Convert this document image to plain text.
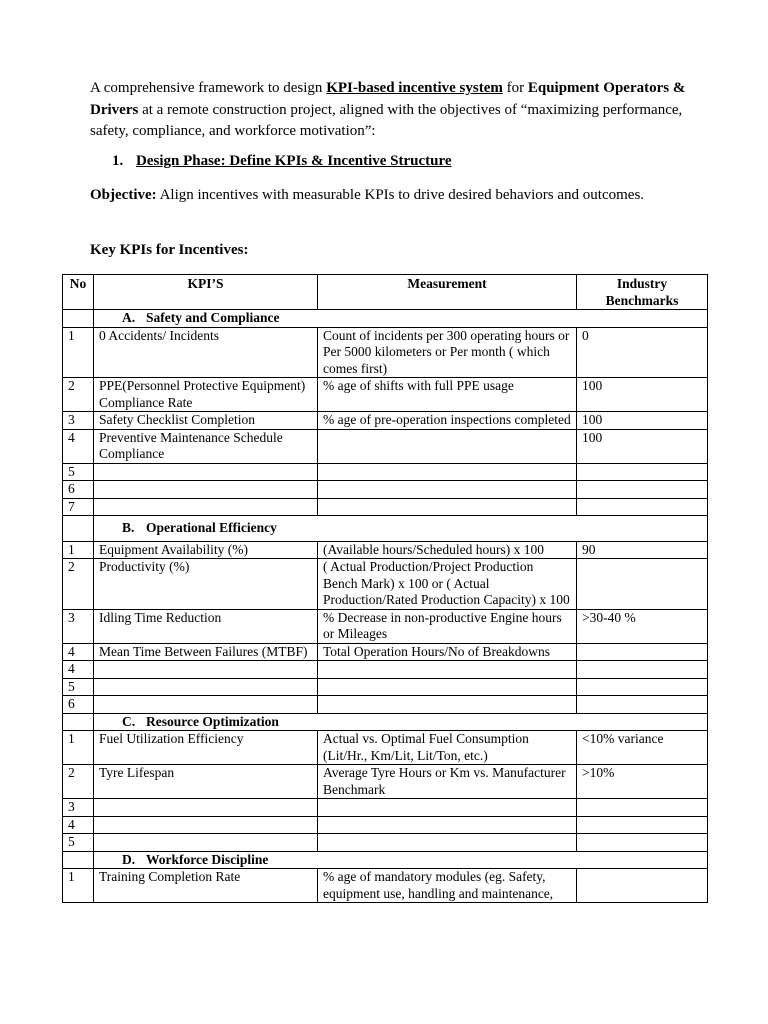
A comprehensive framework to design KPI-based incentive system for Equipment Operators & Drivers at a remote construction project, aligned with the objectives of “maximizing performance, safety, compliance, and workforce motivation”:
1. Design Phase: Define KPIs & Incentive Structure
Objective: Align incentives with measurable KPIs to drive desired behaviors and outcomes.
Key KPIs for Incentives:
No	KPI’S	Measurement	Industry Benchmarks
	A. Safety and Compliance		
1	0 Accidents/ Incidents	Count of incidents per 300 operating hours or Per 5000 kilometers or Per month ( which comes first)	0
2	PPE(Personnel Protective Equipment) Compliance Rate	% age of shifts with full PPE usage	100
3	Safety Checklist Completion	% age of pre-operation inspections completed	100
4	Preventive Maintenance Schedule Compliance		100
5			
6			
7			
	B. Operational Efficiency		
1	Equipment Availability (%)	(Available hours/Scheduled hours) x 100	90
2	Productivity (%)	( Actual Production/Project Production Bench Mark) x 100 or ( Actual Production/Rated Production Capacity) x 100	
3	Idling Time Reduction	% Decrease in non-productive Engine hours or Mileages	>30-40 %
4	Mean Time Between Failures (MTBF)	Total Operation Hours/No of Breakdowns	
4			
5			
6			
	C. Resource Optimization		
1	Fuel Utilization Efficiency	Actual vs. Optimal Fuel Consumption (Lit/Hr., Km/Lit, Lit/Ton, etc.)	<10% variance
2	Tyre Lifespan	Average Tyre Hours or Km vs. Manufacturer Benchmark	>10%
3			
4			
5			
	D. Workforce Discipline		
1	Training Completion Rate	% age of mandatory modules (eg. Safety, equipment use, handling and maintenance,	
